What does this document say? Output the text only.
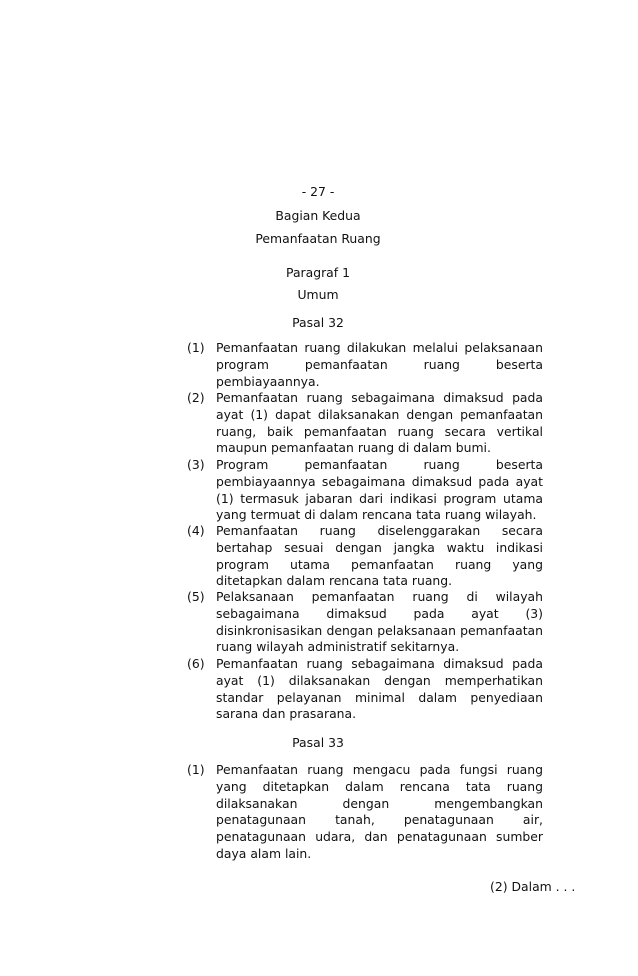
- 27 -
Bagian Kedua
Pemanfaatan Ruang
Paragraf 1
Umum
Pasal 32
(1) Pemanfaatan ruang dilakukan melalui pelaksanaan program pemanfaatan ruang beserta pembiayaannya.
(2) Pemanfaatan ruang sebagaimana dimaksud pada ayat (1) dapat dilaksanakan dengan pemanfaatan ruang, baik pemanfaatan ruang secara vertikal maupun pemanfaatan ruang di dalam bumi.
(3) Program pemanfaatan ruang beserta pembiayaannya sebagaimana dimaksud pada ayat (1) termasuk jabaran dari indikasi program utama yang termuat di dalam rencana tata ruang wilayah.
(4) Pemanfaatan ruang diselenggarakan secara bertahap sesuai dengan jangka waktu indikasi program utama pemanfaatan ruang yang ditetapkan dalam rencana tata ruang.
(5) Pelaksanaan pemanfaatan ruang di wilayah sebagaimana dimaksud pada ayat (3) disinkronisasikan dengan pelaksanaan pemanfaatan ruang wilayah administratif sekitarnya.
(6) Pemanfaatan ruang sebagaimana dimaksud pada ayat (1) dilaksanakan dengan memperhatikan standar pelayanan minimal dalam penyediaan sarana dan prasarana.
Pasal 33
(1) Pemanfaatan ruang mengacu pada fungsi ruang yang ditetapkan dalam rencana tata ruang dilaksanakan dengan mengembangkan penatagunaan tanah, penatagunaan air, penatagunaan udara, dan penatagunaan sumber daya alam lain.
(2) Dalam . . .
